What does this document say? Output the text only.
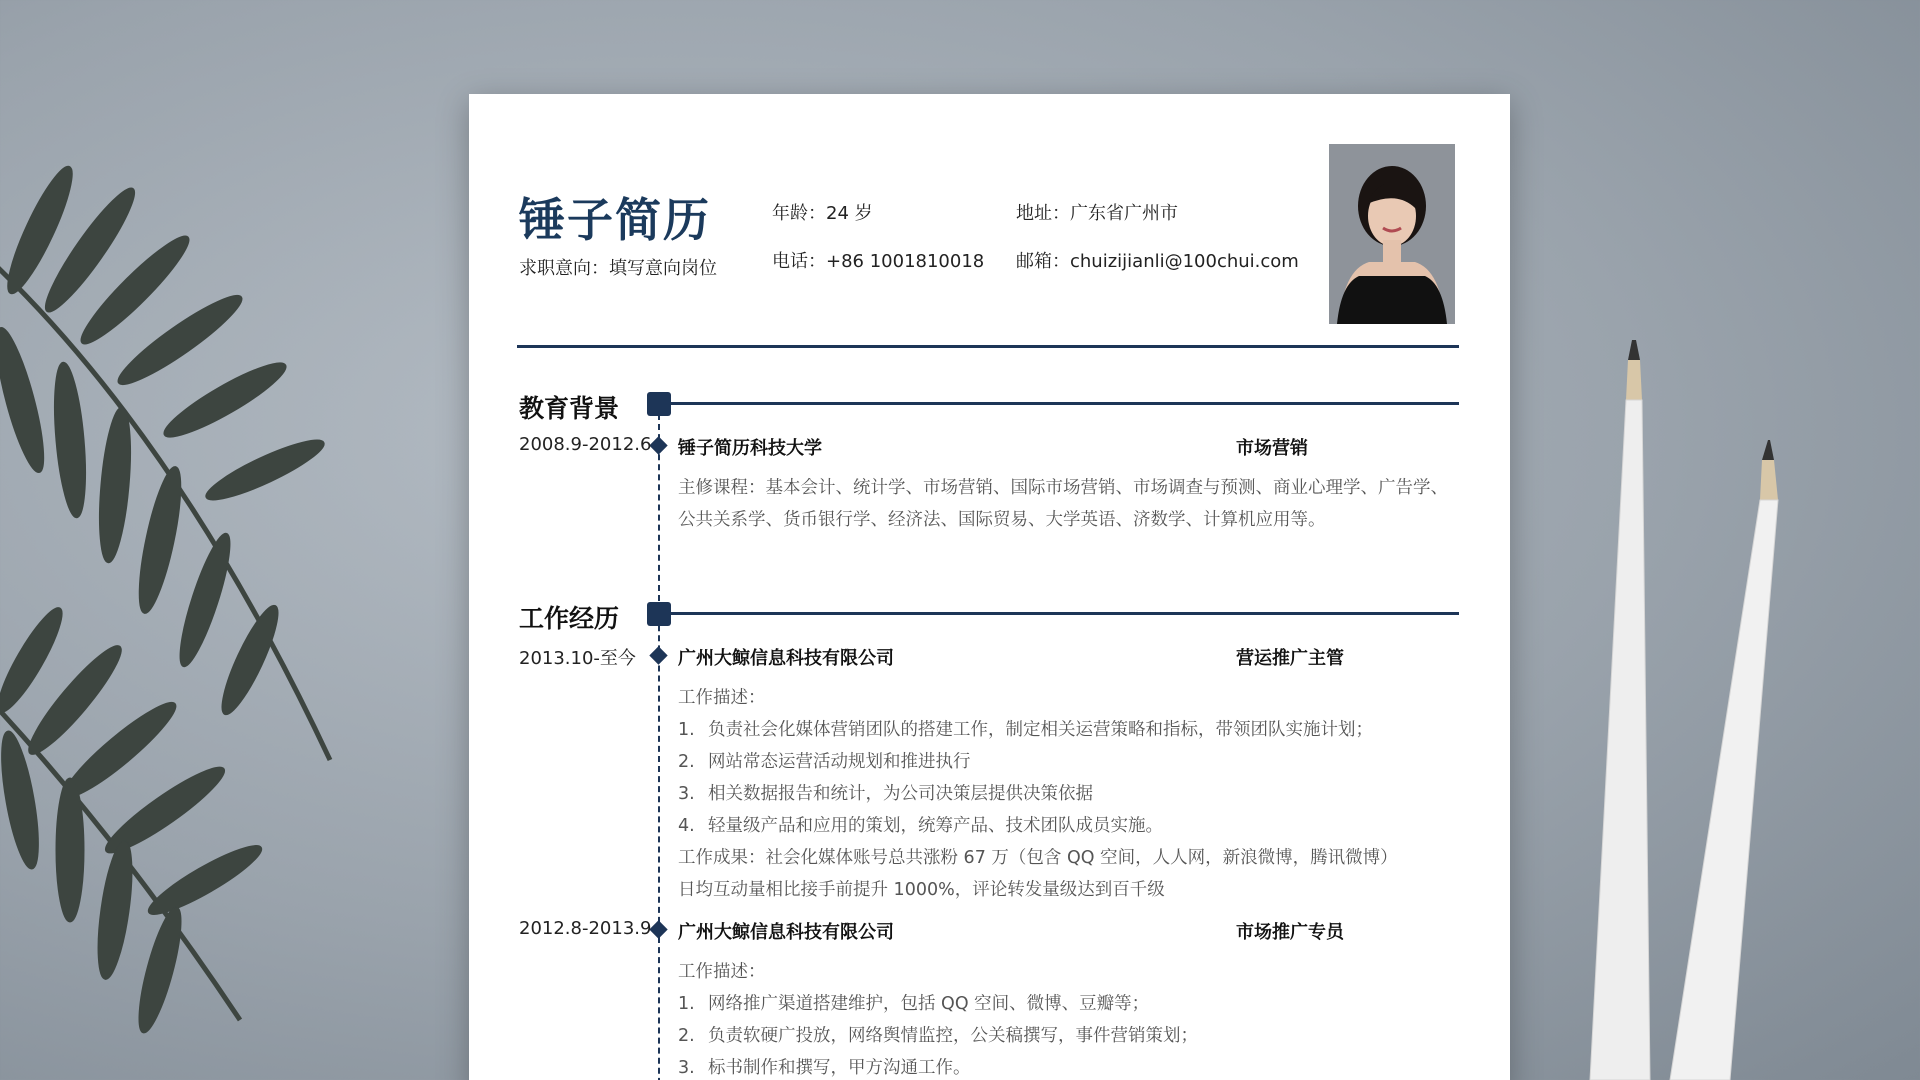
锤子简历
求职意向：填写意向岗位
年龄：24 岁	地址：广东省广州市
电话：+86 1001810018 邮箱：chuizijianli@100chui.com
教育背景
2008.9-2012.6 锤子简历科技大学	市场营销
主修课程：基本会计、统计学、市场营销、国际市场营销、市场调查与预测、商业心理学、广告学、
公共关系学、货币银行学、经济法、国际贸易、大学英语、济数学、计算机应用等。
工作经历
2013.10-至今 广州大鲸信息科技有限公司	营运推广主管
工作描述：
1. 负责社会化媒体营销团队的搭建工作，制定相关运营策略和指标，带领团队实施计划；
2. 网站常态运营活动规划和推进执行
3. 相关数据报告和统计，为公司决策层提供决策依据
4. 轻量级产品和应用的策划，统筹产品、技术团队成员实施。
工作成果：社会化媒体账号总共涨粉 67 万（包含 QQ 空间，人人网，新浪微博，腾讯微博）
日均互动量相比接手前提升 1000%，评论转发量级达到百千级
2012.8-2013.9 广州大鲸信息科技有限公司	市场推广专员
工作描述：
1. 网络推广渠道搭建维护，包括 QQ 空间、微博、豆瓣等；
2. 负责软硬广投放，网络舆情监控，公关稿撰写，事件营销策划；
3. 标书制作和撰写，甲方沟通工作。
